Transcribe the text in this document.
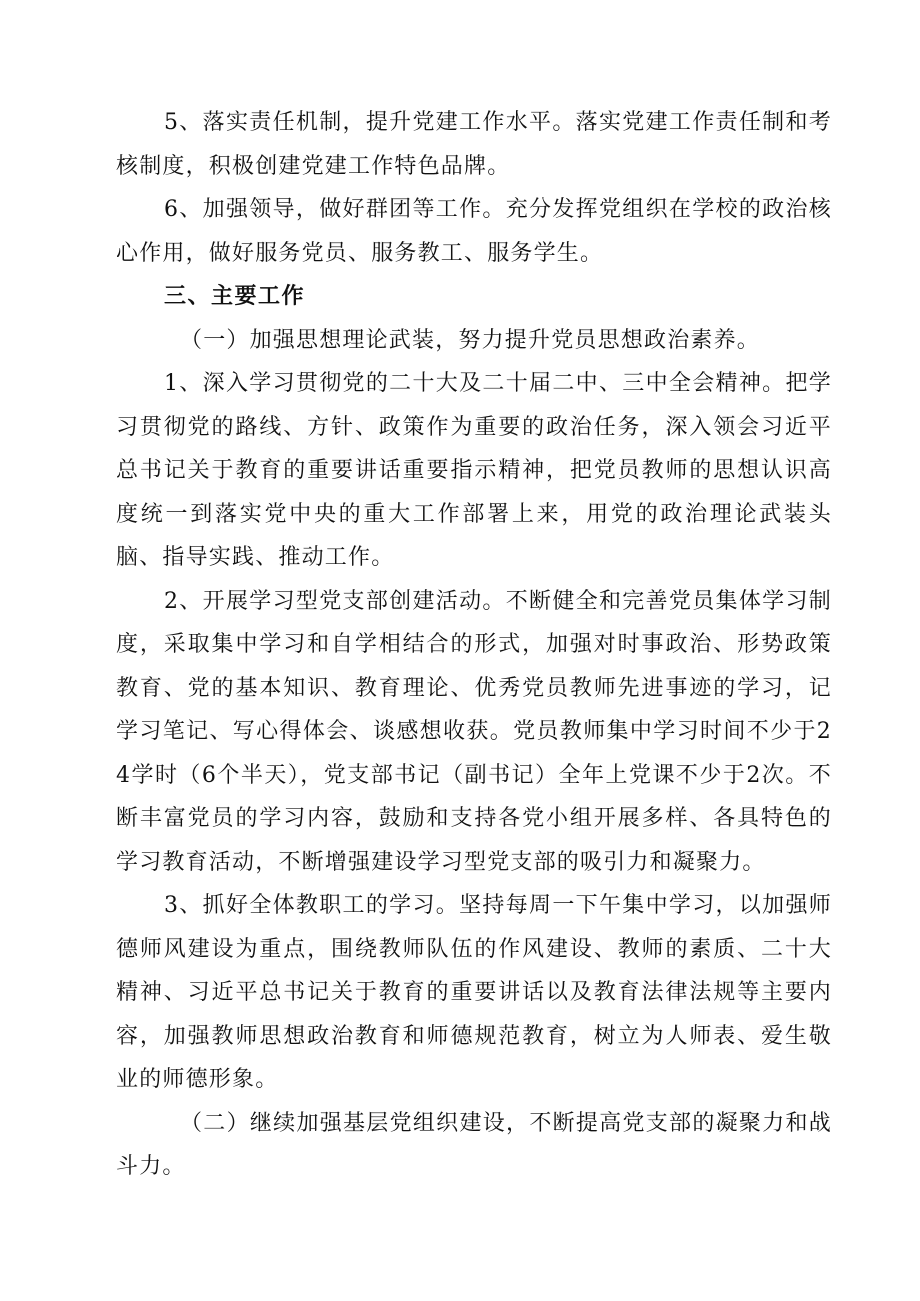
5、落实责任机制，提升党建工作水平。落实党建工作责任制和考核制度，积极创建党建工作特色品牌。

6、加强领导，做好群团等工作。充分发挥党组织在学校的政治核心作用，做好服务党员、服务教工、服务学生。

三、主要工作

（一）加强思想理论武装，努力提升党员思想政治素养。

1、深入学习贯彻党的二十大及二十届二中、三中全会精神。把学习贯彻党的路线、方针、政策作为重要的政治任务，深入领会习近平总书记关于教育的重要讲话重要指示精神，把党员教师的思想认识高度统一到落实党中央的重大工作部署上来，用党的政治理论武装头脑、指导实践、推动工作。

2、开展学习型党支部创建活动。不断健全和完善党员集体学习制度，采取集中学习和自学相结合的形式，加强对时事政治、形势政策教育、党的基本知识、教育理论、优秀党员教师先进事迹的学习，记学习笔记、写心得体会、谈感想收获。党员教师集中学习时间不少于24学时（6个半天），党支部书记（副书记）全年上党课不少于2次。不断丰富党员的学习内容，鼓励和支持各党小组开展多样、各具特色的学习教育活动，不断增强建设学习型党支部的吸引力和凝聚力。

3、抓好全体教职工的学习。坚持每周一下午集中学习，以加强师德师风建设为重点，围绕教师队伍的作风建设、教师的素质、二十大精神、习近平总书记关于教育的重要讲话以及教育法律法规等主要内容，加强教师思想政治教育和师德规范教育，树立为人师表、爱生敬业的师德形象。

（二）继续加强基层党组织建设，不断提高党支部的凝聚力和战斗力。
